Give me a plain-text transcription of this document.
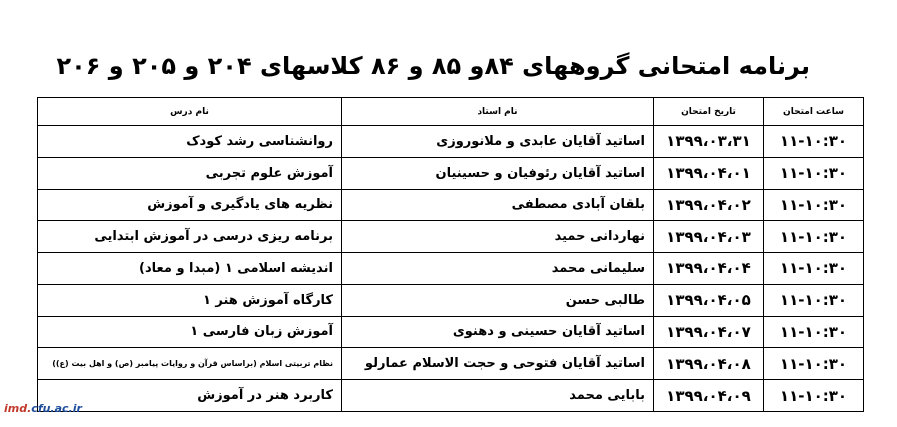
برنامه امتحانی گروههای ۸۴و ۸۵ و ۸۶ کلاسهای ۲۰۴ و ۲۰۵ و ۲۰۶
ساعت امتحان	تاریخ امتحان	نام استاد	نام درس
۱۱-۱۰:۳۰	۱۳۹۹،۰۳،۳۱	اساتید آقایان عابدی و ملانوروزی	روانشناسی رشد کودک
۱۱-۱۰:۳۰	۱۳۹۹،۰۴،۰۱	اساتید آقایان رئوفیان و حسینیان	آموزش علوم تجربی
۱۱-۱۰:۳۰	۱۳۹۹،۰۴،۰۲	بلقان آبادی مصطفی	نظریه های یادگیری و آموزش
۱۱-۱۰:۳۰	۱۳۹۹،۰۴،۰۳	نهاردانی حمید	برنامه ریزی درسی در آموزش ابتدایی
۱۱-۱۰:۳۰	۱۳۹۹،۰۴،۰۴	سلیمانی محمد	اندیشه اسلامی ۱ (مبدا و معاد)
۱۱-۱۰:۳۰	۱۳۹۹،۰۴،۰۵	طالبی حسن	کارگاه آموزش هنر ۱
۱۱-۱۰:۳۰	۱۳۹۹،۰۴،۰۷	اساتید آقایان حسینی و دهنوی	آموزش زبان فارسی ۱
۱۱-۱۰:۳۰	۱۳۹۹،۰۴،۰۸	اساتید آقایان فتوحی و حجت الاسلام عمارلو	نظام تربیتی اسلام (براساس قرآن و روایات پیامبر (ص) و اهل بیت (ع))
۱۱-۱۰:۳۰	۱۳۹۹،۰۴،۰۹	بابایی محمد	کاربرد هنر در آموزش
imd.cfu.ac.ir
